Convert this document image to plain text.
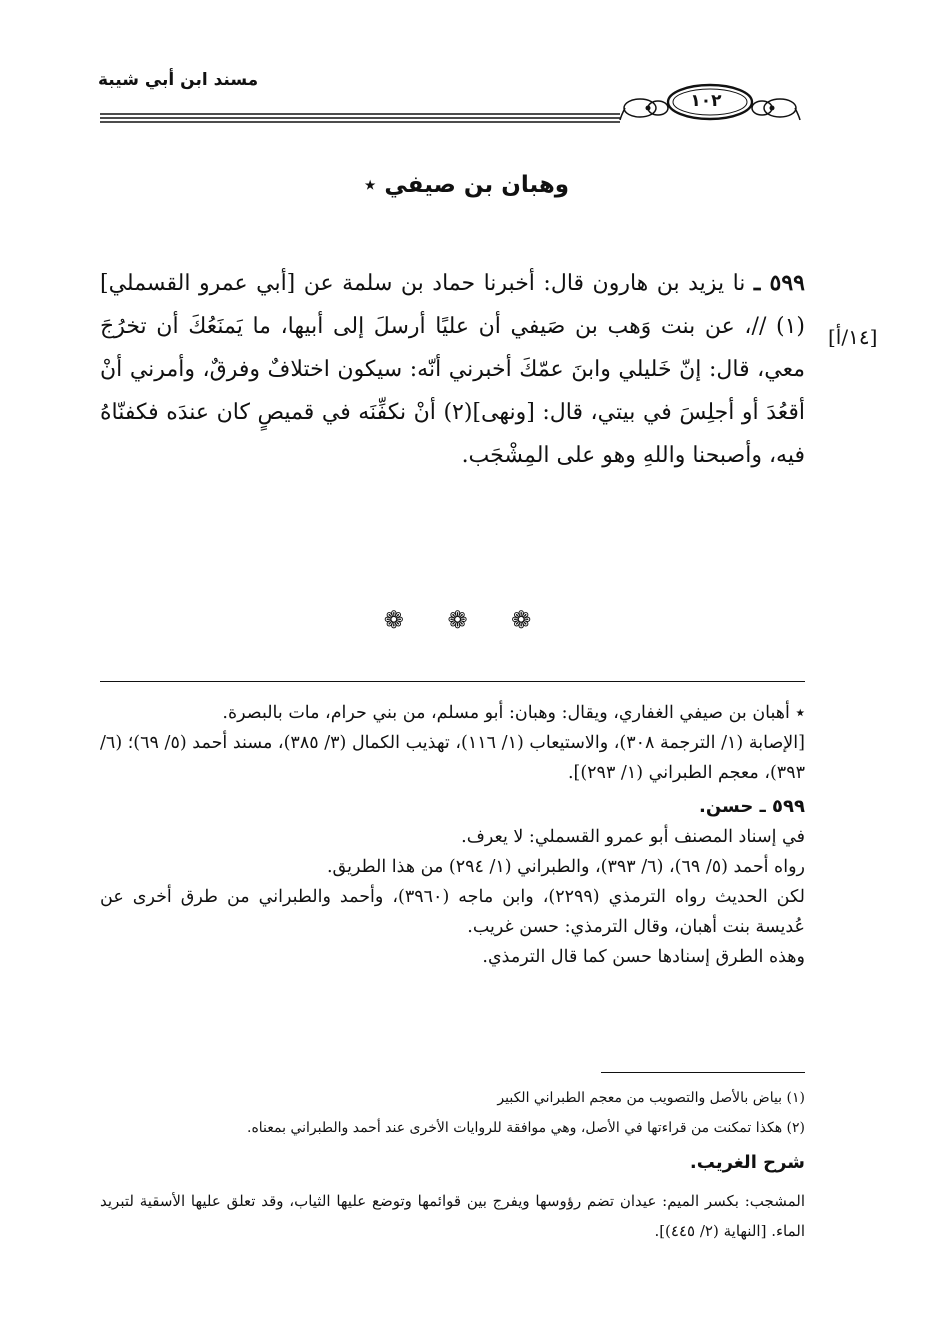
مسند ابن أبي شيبة
١٠٢
وهبان بن صيفي ٭
[١٤/أ]
٥٩٩ ـ نا يزيد بن هارون قال: أخبرنا حماد بن سلمة عن [أبي عمرو القسملي](١) //، عن بنت وَهب بن صَيفي أن عليًا أرسلَ إلى أبيها، ما يَمنَعُكَ أن تخرُجَ معي، قال: إنّ خَليلي وابنَ عمّكَ أخبرني أنّه: سيكون اختلافٌ وفرقٌ، وأمرني أنْ أقعُدَ أو أجلِسَ في بيتي، قال: [ونهى](٢) أنْ نكفِّنَه في قميصٍ كان عندَه فكفنّاهُ فيه، وأصبحنا واللهِ وهو على المِشْجَب.
❁ ❁ ❁

٭ أهبان بن صيفي الغفاري، ويقال: وهبان: أبو مسلم، من بني حرام، مات بالبصرة.

[الإصابة (١/ الترجمة ٣٠٨)، والاستيعاب (١/ ١١٦)، تهذيب الكمال (٣/ ٣٨٥)، مسند أحمد (٥/ ٦٩)؛ (٦/ ٣٩٣)، معجم الطبراني (١/ ٢٩٣)].

٥٩٩ ـ حسن.

في إسناد المصنف أبو عمرو القسملي: لا يعرف.

رواه أحمد (٥/ ٦٩)، (٦/ ٣٩٣)، والطبراني (١/ ٢٩٤) من هذا الطريق.

لكن الحديث رواه الترمذي (٢٢٩٩)، وابن ماجه (٣٩٦٠)، وأحمد والطبراني من طرق أخرى عن عُديسة بنت أهبان، وقال الترمذي: حسن غريب.

وهذه الطرق إسنادها حسن كما قال الترمذي.

(١) بياض بالأصل والتصويب من معجم الطبراني الكبير

(٢) هكذا تمكنت من قراءتها في الأصل، وهي موافقة للروايات الأخرى عند أحمد والطبراني بمعناه.

شرح الغريب.
المشجب: بكسر الميم: عيدان تضم رؤوسها ويفرج بين قوائمها وتوضع عليها الثياب، وقد تعلق عليها الأسقية لتبريد الماء. [النهاية (٢/ ٤٤٥)].
